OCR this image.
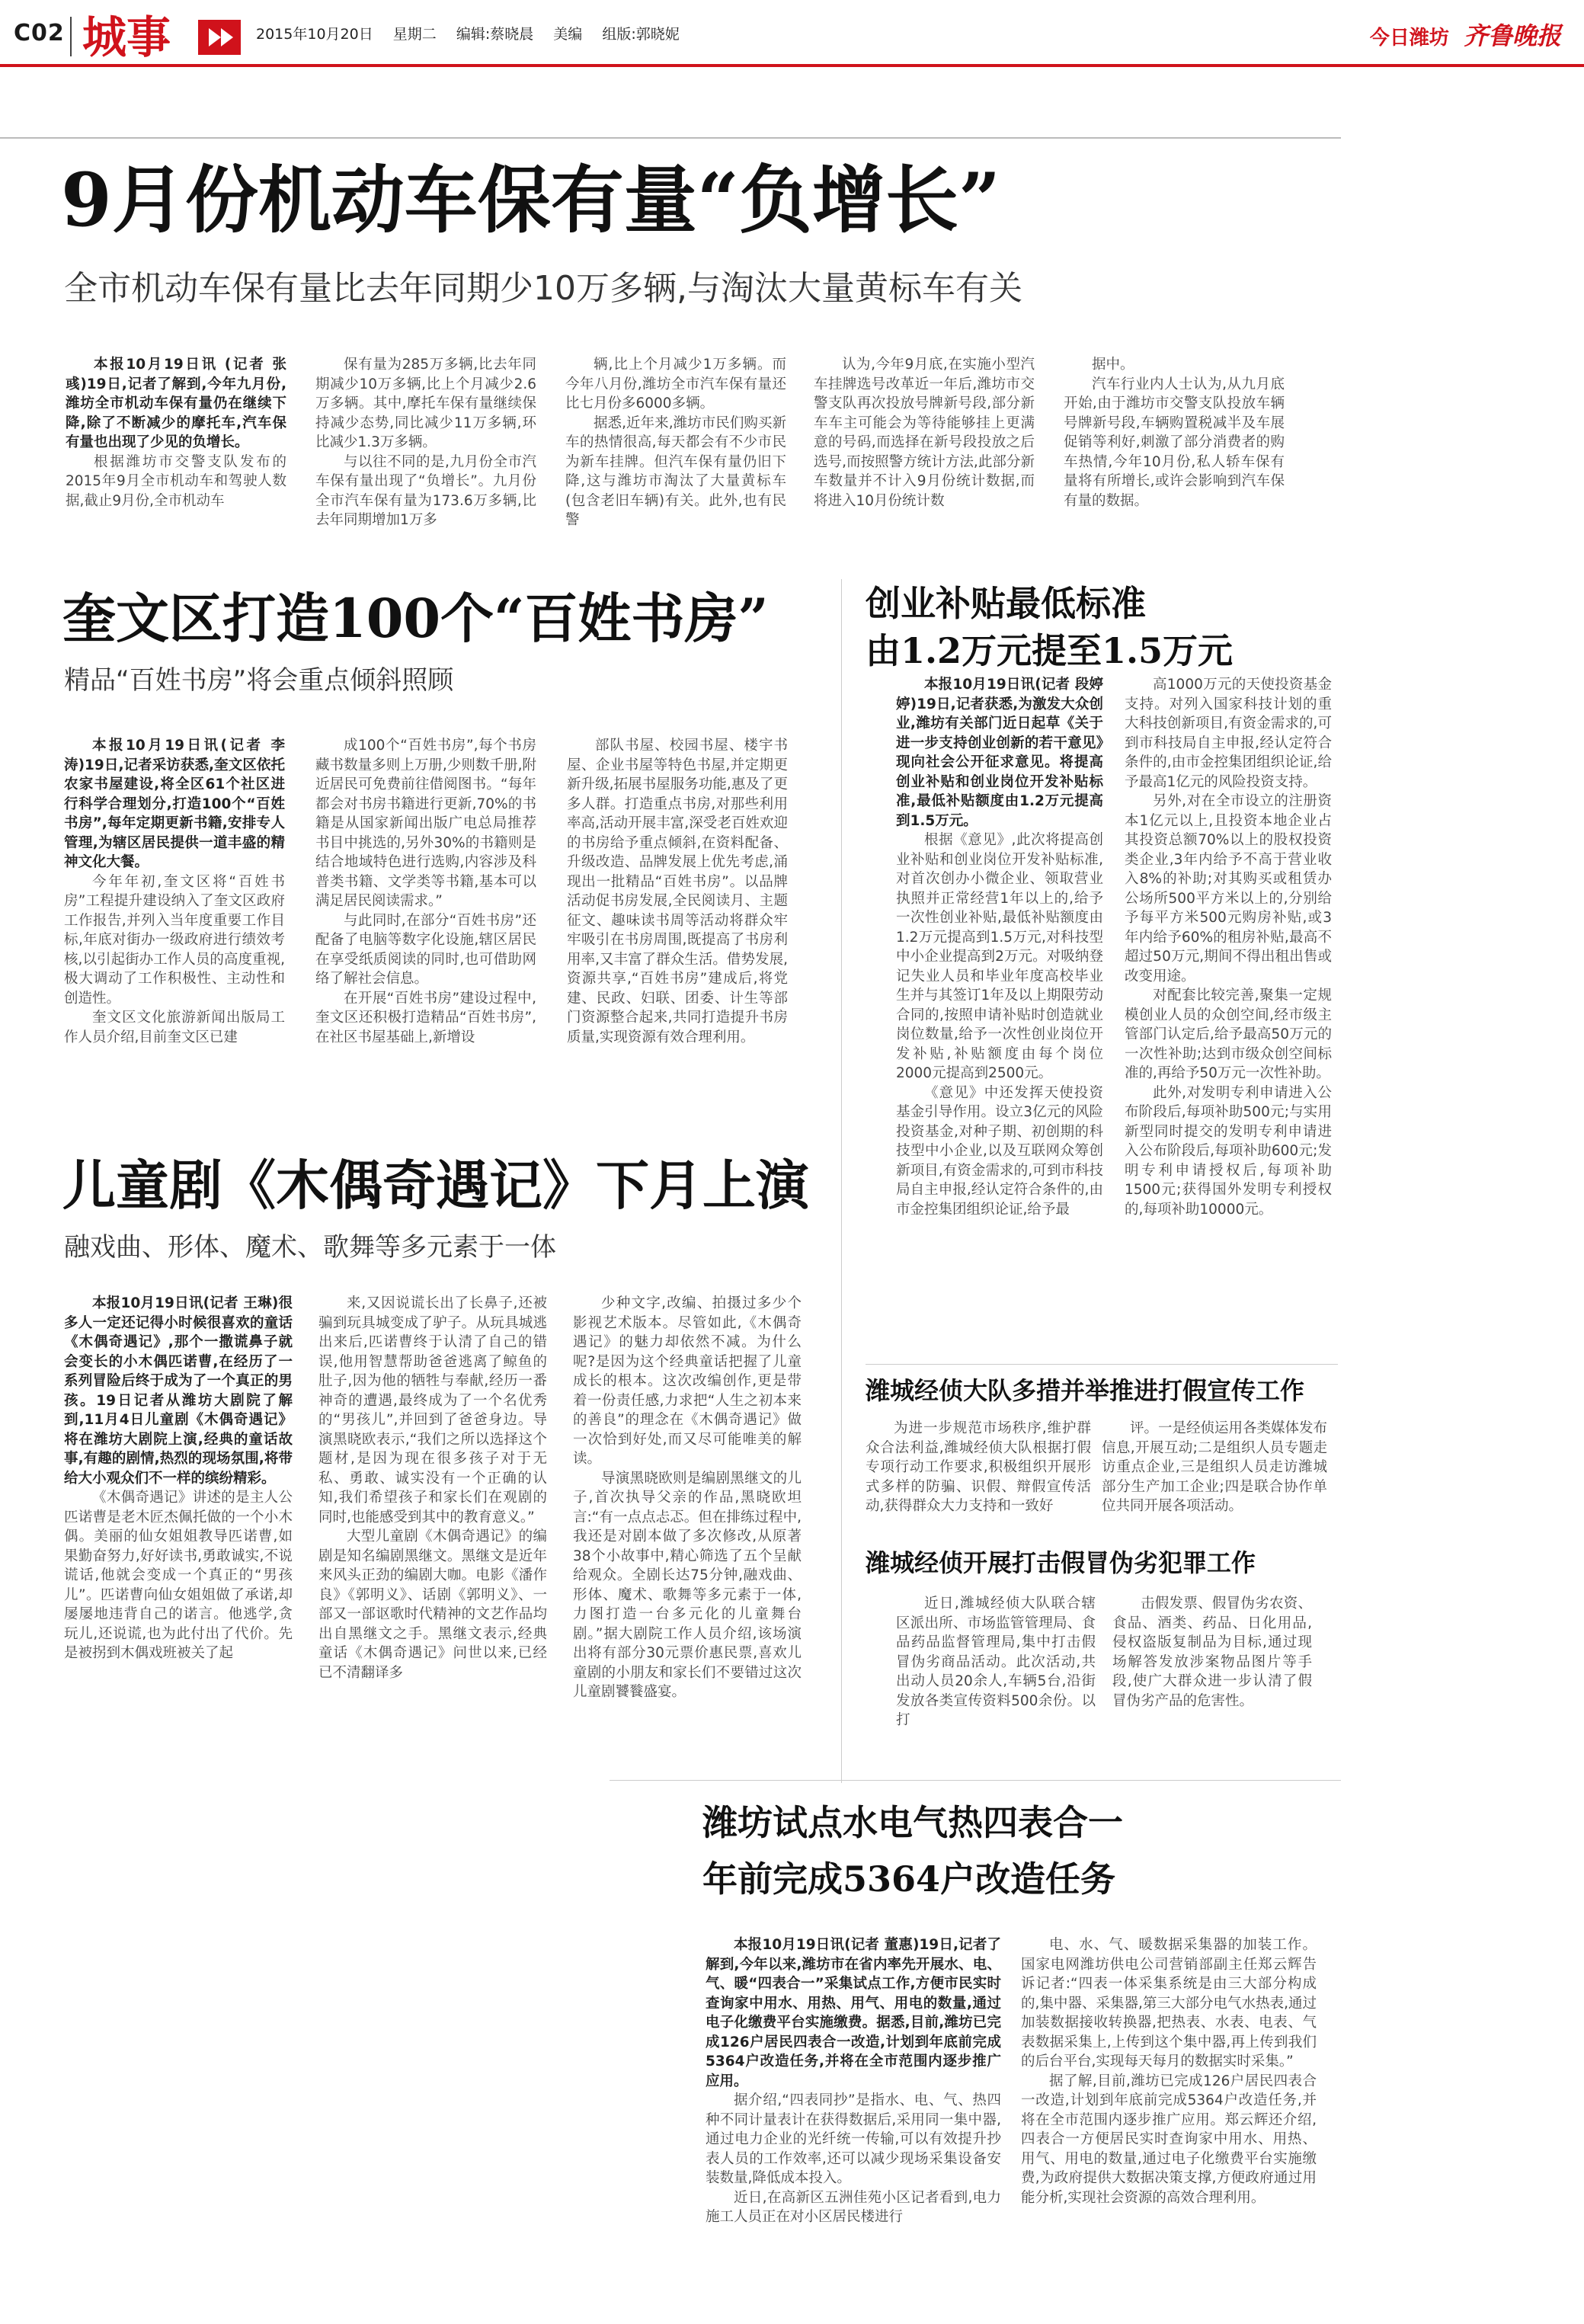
C02 城事	2015年10月20日 星期二 编辑:蔡晓晨 美编 组版:郭晓妮	今日潍坊 齐鲁晚报
9月份机动车保有量“负增长”
全市机动车保有量比去年同期少10万多辆,与淘汰大量黄标车有关

本报10月19日讯 (记者 张彧)19日,记者了解到,今年九月份,潍坊全市机动车保有量仍在继续下降,除了不断减少的摩托车,汽车保有量也出现了少见的负增长。

根据潍坊市交警支队发布的2015年9月全市机动车和驾驶人数据,截止9月份,全市机动车

保有量为285万多辆,比去年同期减少10万多辆,比上个月减少2.6万多辆。其中,摩托车保有量继续保持减少态势,同比减少11万多辆,环比减少1.3万多辆。

与以往不同的是,九月份全市汽车保有量出现了“负增长”。九月份全市汽车保有量为173.6万多辆,比去年同期增加1万多

辆,比上个月减少1万多辆。而今年八月份,潍坊全市汽车保有量还比七月份多6000多辆。

据悉,近年来,潍坊市民们购买新车的热情很高,每天都会有不少市民为新车挂牌。但汽车保有量仍旧下降,这与潍坊市淘汰了大量黄标车(包含老旧车辆)有关。此外,也有民警

认为,今年9月底,在实施小型汽车挂牌选号改革近一年后,潍坊市交警支队再次投放号牌新号段,部分新车车主可能会为等待能够挂上更满意的号码,而选择在新号段投放之后选号,而按照警方统计方法,此部分新车数量并不计入9月份统计数据,而将进入10月份统计数

据中。

汽车行业内人士认为,从九月底开始,由于潍坊市交警支队投放车辆号牌新号段,车辆购置税减半及车展促销等利好,刺激了部分消费者的购车热情,今年10月份,私人轿车保有量将有所增长,或许会影响到汽车保有量的数据。

奎文区打造100个“百姓书房”
精品“百姓书房”将会重点倾斜照顾

本报10月19日讯(记者 李涛)19日,记者采访获悉,奎文区依托农家书屋建设,将全区61个社区进行科学合理划分,打造100个“百姓书房”,每年定期更新书籍,安排专人管理,为辖区居民提供一道丰盛的精神文化大餐。

今年年初,奎文区将“百姓书房”工程提升建设纳入了奎文区政府工作报告,并列入当年度重要工作目标,年底对街办一级政府进行绩效考核,以引起街办工作人员的高度重视,极大调动了工作积极性、主动性和创造性。

奎文区文化旅游新闻出版局工作人员介绍,目前奎文区已建

成100个“百姓书房”,每个书房藏书数量多则上万册,少则数千册,附近居民可免费前往借阅图书。“每年都会对书房书籍进行更新,70%的书籍是从国家新闻出版广电总局推荐书目中挑选的,另外30%的书籍则是结合地域特色进行选购,内容涉及科普类书籍、文学类等书籍,基本可以满足居民阅读需求。”

与此同时,在部分“百姓书房”还配备了电脑等数字化设施,辖区居民在享受纸质阅读的同时,也可借助网络了解社会信息。

在开展“百姓书房”建设过程中,奎文区还积极打造精品“百姓书房”,在社区书屋基础上,新增设

部队书屋、校园书屋、楼宇书屋、企业书屋等特色书屋,并定期更新升级,拓展书屋服务功能,惠及了更多人群。打造重点书房,对那些利用率高,活动开展丰富,深受老百姓欢迎的书房给予重点倾斜,在资料配备、升级改造、品牌发展上优先考虑,涌现出一批精品“百姓书房”。以品牌活动促书房发展,全民阅读月、主题征文、趣味读书周等活动将群众牢牢吸引在书房周围,既提高了书房利用率,又丰富了群众生活。借势发展,资源共享,“百姓书房”建成后,将党建、民政、妇联、团委、计生等部门资源整合起来,共同打造提升书房质量,实现资源有效合理利用。

创业补贴最低标准
由1.2万元提至1.5万元

本报10月19日讯(记者 段婷婷)19日,记者获悉,为激发大众创业,潍坊有关部门近日起草《关于进一步支持创业创新的若干意见》现向社会公开征求意见。将提高创业补贴和创业岗位开发补贴标准,最低补贴额度由1.2万元提高到1.5万元。

根据《意见》,此次将提高创业补贴和创业岗位开发补贴标准,对首次创办小微企业、领取营业执照并正常经营1年以上的,给予一次性创业补贴,最低补贴额度由1.2万元提高到1.5万元,对科技型中小企业提高到2万元。对吸纳登记失业人员和毕业年度高校毕业生并与其签订1年及以上期限劳动合同的,按照申请补贴时创造就业岗位数量,给予一次性创业岗位开发补贴,补贴额度由每个岗位2000元提高到2500元。

《意见》中还发挥天使投资基金引导作用。设立3亿元的风险投资基金,对种子期、初创期的科技型中小企业,以及互联网众筹创新项目,有资金需求的,可到市科技局自主申报,经认定符合条件的,由市金控集团组织论证,给予最

高1000万元的天使投资基金支持。对列入国家科技计划的重大科技创新项目,有资金需求的,可到市科技局自主申报,经认定符合条件的,由市金控集团组织论证,给予最高1亿元的风险投资支持。

另外,对在全市设立的注册资本1亿元以上,且投资本地企业占其投资总额70%以上的股权投资类企业,3年内给予不高于营业收入8%的补助;对其购买或租赁办公场所500平方米以上的,分别给予每平方米500元购房补贴,或3年内给予60%的租房补贴,最高不超过50万元,期间不得出租出售或改变用途。

对配套比较完善,聚集一定规模创业人员的众创空间,经市级主管部门认定后,给予最高50万元的一次性补助;达到市级众创空间标准的,再给予50万元一次性补助。

此外,对发明专利申请进入公布阶段后,每项补助500元;与实用新型同时提交的发明专利申请进入公布阶段后,每项补助600元;发明专利申请授权后,每项补助1500元;获得国外发明专利授权的,每项补助10000元。

儿童剧《木偶奇遇记》下月上演
融戏曲、形体、魔术、歌舞等多元素于一体

本报10月19日讯(记者 王琳)很多人一定还记得小时候很喜欢的童话《木偶奇遇记》,那个一撒谎鼻子就会变长的小木偶匹诺曹,在经历了一系列冒险后终于成为了一个真正的男孩。19日记者从潍坊大剧院了解到,11月4日儿童剧《木偶奇遇记》将在潍坊大剧院上演,经典的童话故事,有趣的剧情,热烈的现场氛围,将带给大小观众们不一样的缤纷精彩。

《木偶奇遇记》讲述的是主人公匹诺曹是老木匠杰佩托做的一个小木偶。美丽的仙女姐姐教导匹诺曹,如果勤奋努力,好好读书,勇敢诚实,不说谎话,他就会变成一个真正的“男孩儿”。匹诺曹向仙女姐姐做了承诺,却屡屡地违背自己的诺言。他逃学,贪玩儿,还说谎,也为此付出了代价。先是被拐到木偶戏班被关了起

来,又因说谎长出了长鼻子,还被骗到玩具城变成了驴子。从玩具城逃出来后,匹诺曹终于认清了自己的错误,他用智慧帮助爸爸逃离了鲸鱼的肚子,因为他的牺牲与奉献,经历一番神奇的遭遇,最终成为了一个名优秀的“男孩儿”,并回到了爸爸身边。导演黑晓欧表示,“我们之所以选择这个题材,是因为现在很多孩子对于无私、勇敢、诚实没有一个正确的认知,我们希望孩子和家长们在观剧的同时,也能感受到其中的教育意义。”

大型儿童剧《木偶奇遇记》的编剧是知名编剧黑继文。黑继文是近年来风头正劲的编剧大咖。电影《潘作良》《郭明义》、话剧《郭明义》、一部又一部讴歌时代精神的文艺作品均出自黑继文之手。黑继文表示,经典童话《木偶奇遇记》问世以来,已经已不清翻译多

少种文字,改编、拍摄过多少个影视艺术版本。尽管如此,《木偶奇遇记》的魅力却依然不减。为什么呢?是因为这个经典童话把握了儿童成长的根本。这次改编创作,更是带着一份责任感,力求把“人生之初本来的善良”的理念在《木偶奇遇记》做一次恰到好处,而又尽可能唯美的解读。

导演黑晓欧则是编剧黑继文的儿子,首次执导父亲的作品,黑晓欧坦言:“有一点点忐忑。但在排练过程中,我还是对剧本做了多次修改,从原著38个小故事中,精心筛选了五个呈献给观众。全剧长达75分钟,融戏曲、形体、魔术、歌舞等多元素于一体,力图打造一台多元化的儿童舞台剧。”据大剧院工作人员介绍,该场演出将有部分30元票价惠民票,喜欢儿童剧的小朋友和家长们不要错过这次儿童剧饕餮盛宴。

潍城经侦大队多措并举推进打假宣传工作

为进一步规范市场秩序,维护群众合法利益,潍城经侦大队根据打假专项行动工作要求,积极组织开展形式多样的防骗、识假、辩假宣传活动,获得群众大力支持和一致好

评。一是经侦运用各类媒体发布信息,开展互动;二是组织人员专题走访重点企业,三是组织人员走访潍城部分生产加工企业;四是联合协作单位共同开展各项活动。

潍城经侦开展打击假冒伪劣犯罪工作

近日,潍城经侦大队联合辖区派出所、市场监管管理局、食品药品监督管理局,集中打击假冒伪劣商品活动。此次活动,共出动人员20余人,车辆5台,沿街发放各类宣传资料500余份。以打

击假发票、假冒伪劣农资、食品、酒类、药品、日化用品,侵权盗版复制品为目标,通过现场解答发放涉案物品图片等手段,使广大群众进一步认清了假冒伪劣产品的危害性。

潍坊试点水电气热四表合一
年前完成5364户改造任务

本报10月19日讯(记者 董惠)19日,记者了解到,今年以来,潍坊市在省内率先开展水、电、气、暖“四表合一”采集试点工作,方便市民实时查询家中用水、用热、用气、用电的数量,通过电子化缴费平台实施缴费。据悉,目前,潍坊已完成126户居民四表合一改造,计划到年底前完成5364户改造任务,并将在全市范围内逐步推广应用。

据介绍,“四表同抄”是指水、电、气、热四种不同计量表计在获得数据后,采用同一集中器,通过电力企业的光纤统一传输,可以有效提升抄表人员的工作效率,还可以减少现场采集设备安装数量,降低成本投入。

近日,在高新区五洲佳苑小区记者看到,电力施工人员正在对小区居民楼进行

电、水、气、暖数据采集器的加装工作。国家电网潍坊供电公司营销部副主任郑云辉告诉记者:“四表一体采集系统是由三大部分构成的,集中器、采集器,第三大部分电气水热表,通过加装数据接收转换器,把热表、水表、电表、气表数据采集上,上传到这个集中器,再上传到我们的后台平台,实现每天每月的数据实时采集。”

据了解,目前,潍坊已完成126户居民四表合一改造,计划到年底前完成5364户改造任务,并将在全市范围内逐步推广应用。郑云辉还介绍,四表合一方便居民实时查询家中用水、用热、用气、用电的数量,通过电子化缴费平台实施缴费,为政府提供大数据决策支撑,方便政府通过用能分析,实现社会资源的高效合理利用。
